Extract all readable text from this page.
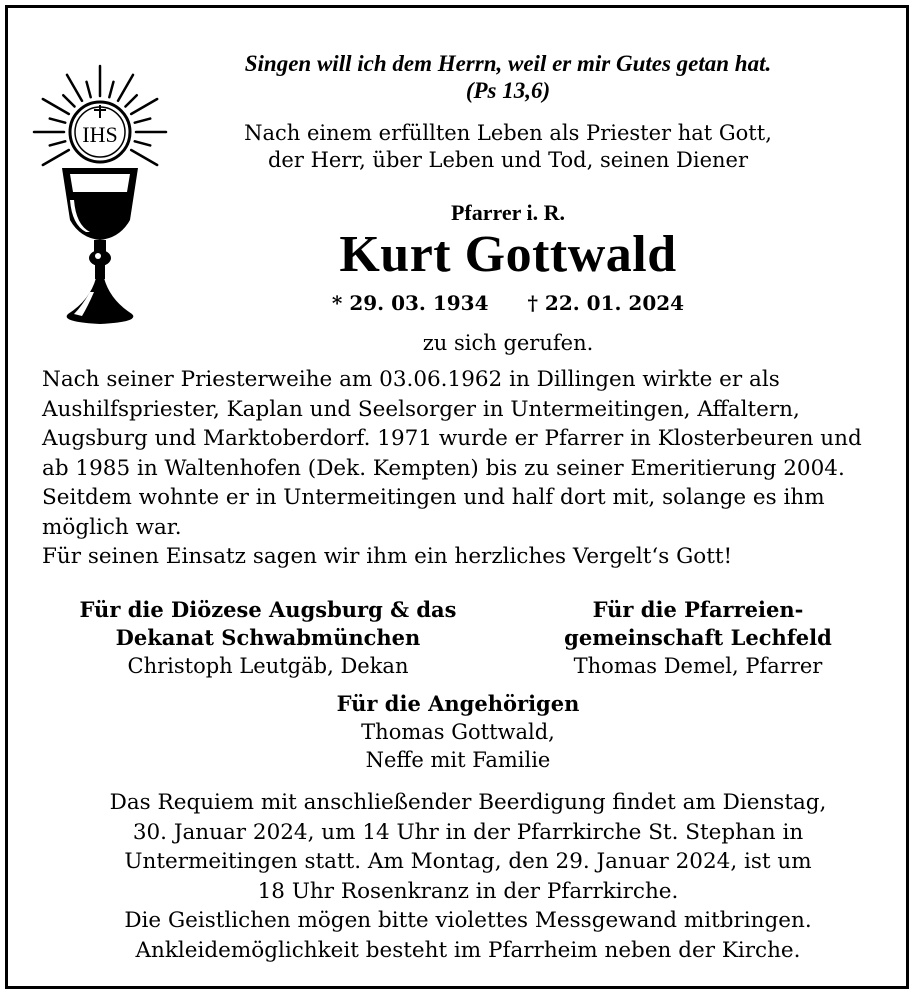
IHS
Singen will ich dem Herrn, weil er mir Gutes getan hat.
(Ps 13,6)
Nach einem erfüllten Leben als Priester hat Gott,
der Herr, über Leben und Tod, seinen Diener
Pfarrer i. R.
Kurt Gottwald
* 29. 03. 1934 † 22. 01. 2024
zu sich gerufen.

Nach seiner Priesterweihe am 03.06.1962 in Dillingen wirkte er als Aushilfspriester, Kaplan und Seelsorger in Untermeitingen, Affaltern, Augsburg und Marktoberdorf. 1971 wurde er Pfarrer in Klosterbeuren und ab 1985 in Waltenhofen (Dek. Kempten) bis zu seiner Emeritierung 2004. Seitdem wohnte er in Untermeitingen und half dort mit, solange es ihm möglich war.

Für seinen Einsatz sagen wir ihm ein herzliches Vergelt‘s Gott!

Für die Diözese Augsburg & das
Dekanat Schwabmünchen
Christoph Leutgäb, Dekan
Für die Pfarreien-
gemeinschaft Lechfeld
Thomas Demel, Pfarrer
Für die Angehörigen
Thomas Gottwald,
Neffe mit Familie
Das Requiem mit anschließender Beerdigung findet am Dienstag,
30. Januar 2024, um 14 Uhr in der Pfarrkirche St. Stephan in
Untermeitingen statt. Am Montag, den 29. Januar 2024, ist um
18 Uhr Rosenkranz in der Pfarrkirche.
Die Geistlichen mögen bitte violettes Messgewand mitbringen.
Ankleidemöglichkeit besteht im Pfarrheim neben der Kirche.
